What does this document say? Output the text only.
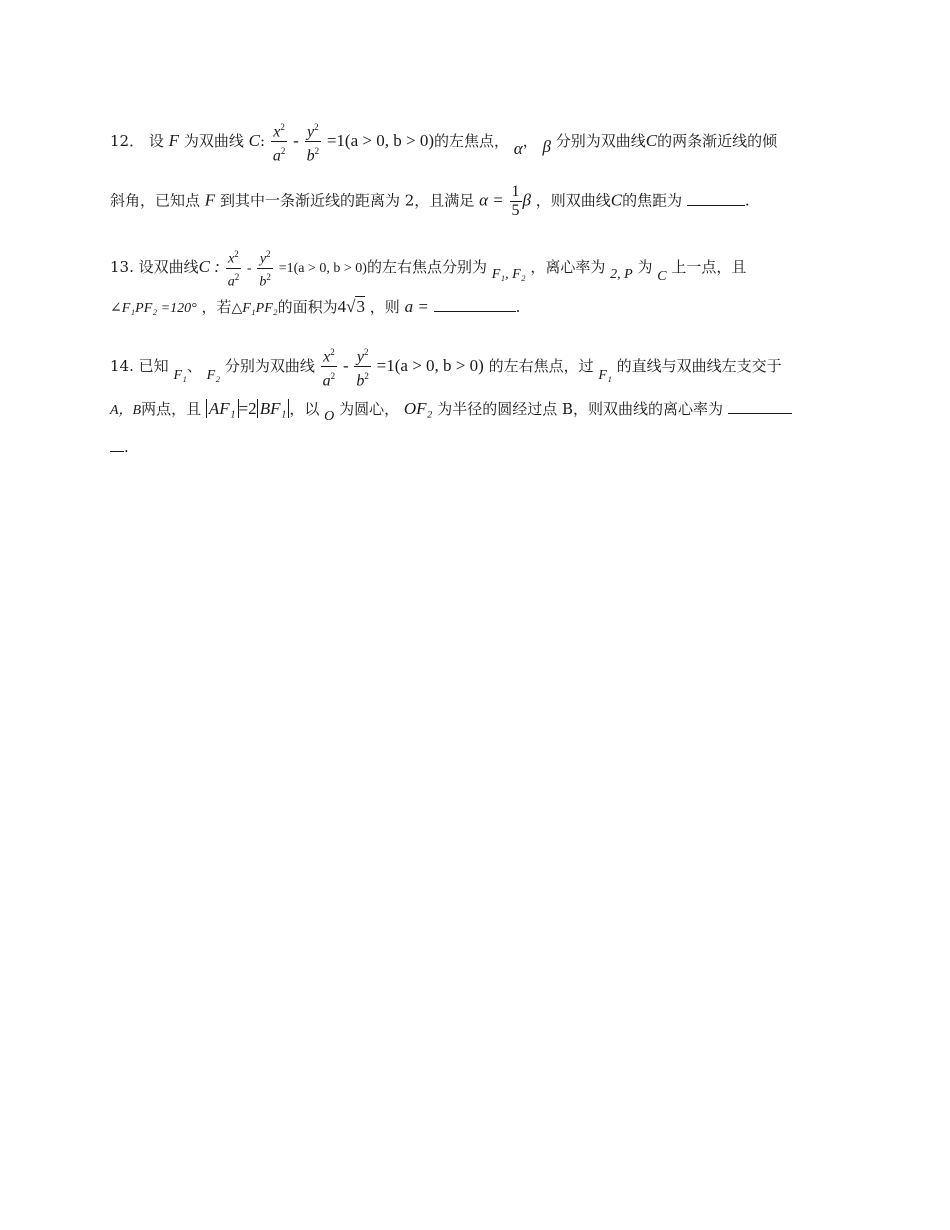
12． 设 F 为双曲线 C: $\frac{x^2}{a^2} - \frac{y^2}{b^2} =1(a > 0$, b > 0)的左焦点， α， β 分别为双曲线C的两条渐近线的倾
斜角，已知点 F 到其中一条渐近线的距离为 2，且满足 $\alpha = \frac{1}{5}$ β ，则双曲线C的焦距为	.
13. 设双曲线C : $\frac{x^2}{a^2} - \frac{y^2}{b^2} =1(a > 0$, b > 0)的左右焦点分别为 F₁, F₂ ，离心率为 2, P 为 C 上一点，且
∠F₁PF₂ =120° ，若△F₁PF₂的面积为4√3 ，则 a =	.
14. 已知 F₁、 F₂ 分别为双曲线 $\frac{x^2}{a^2} - \frac{y^2}{b^2} =1(a > 0$, b > 0) 的左右焦点，过 F₁ 的直线与双曲线左支交于
A，B两点，且 AF₁ =2 BF₁ ，以 O 为圆心， OF₂ 为半径的圆经过点 B，则双曲线的离心率为
.
